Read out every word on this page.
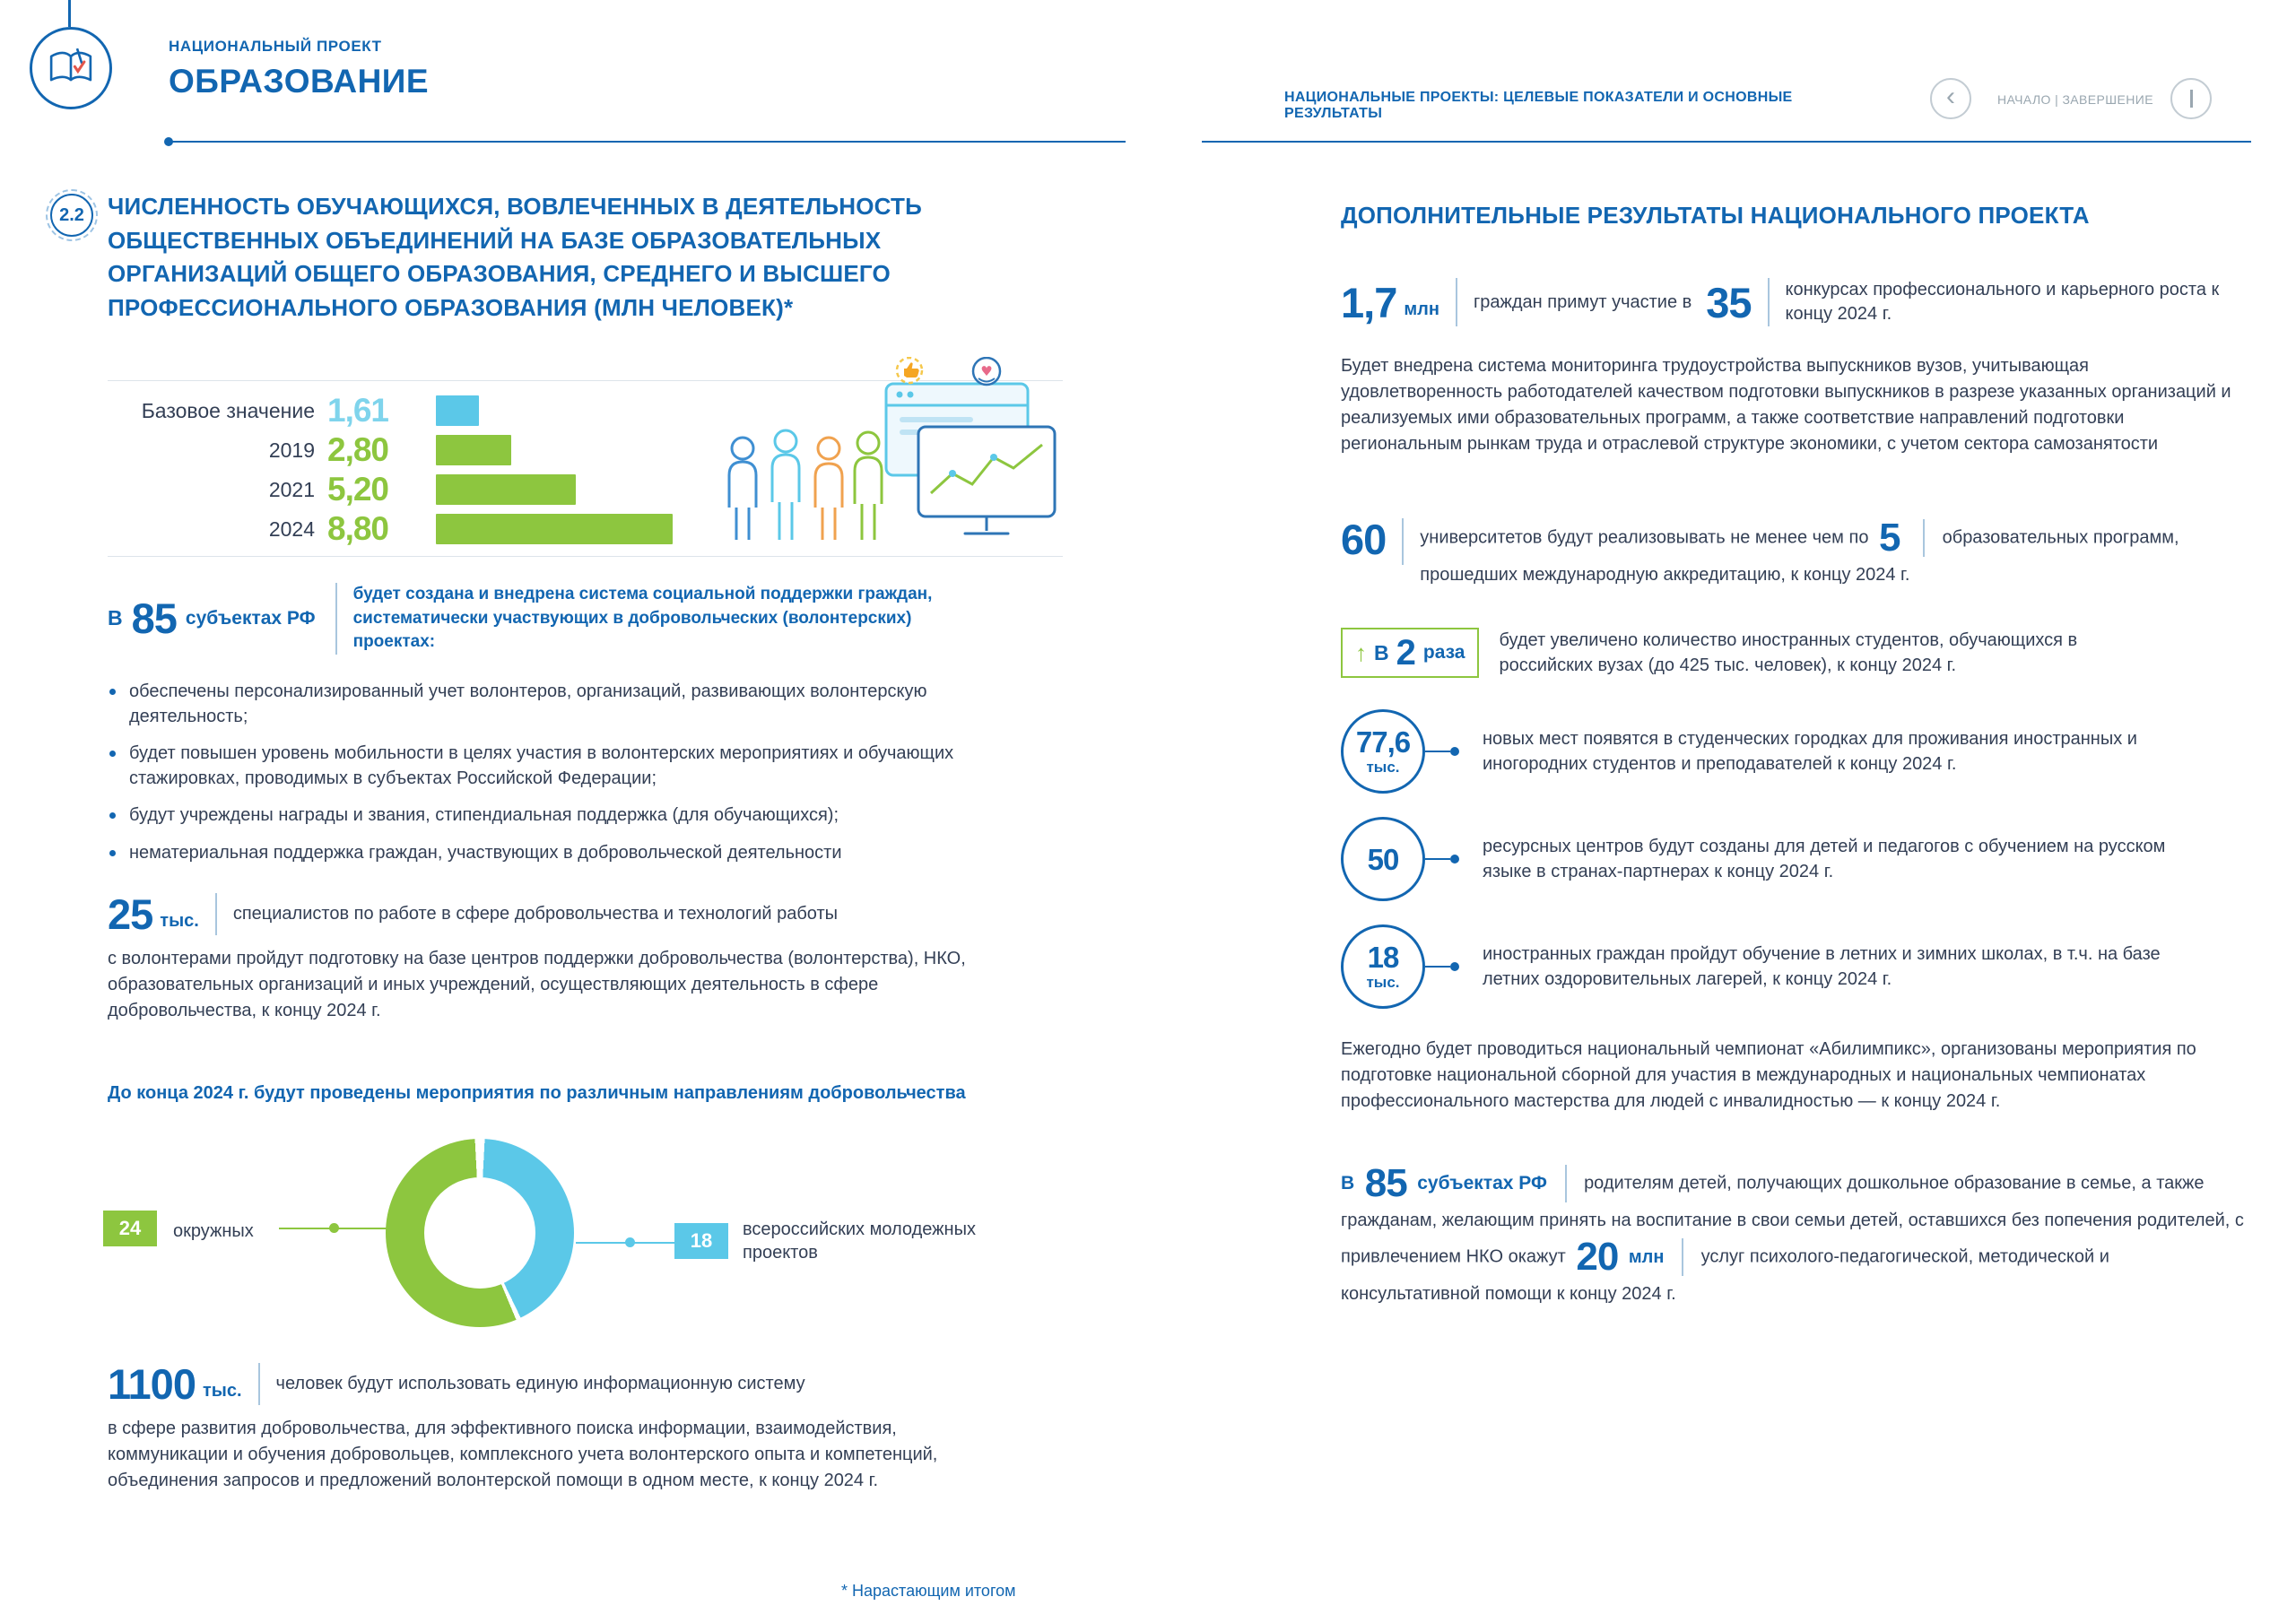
НАЦИОНАЛЬНЫЙ ПРОЕКТ
ОБРАЗОВАНИЕ	НАЦИОНАЛЬНЫЕ ПРОЕКТЫ: ЦЕЛЕВЫЕ ПОКАЗАТЕЛИ И ОСНОВНЫЕ РЕЗУЛЬТАТЫ
‹	НАЧАЛО | ЗАВЕРШЕНИЕ
2.2	ЧИСЛЕННОСТЬ ОБУЧАЮЩИХСЯ, ВОВЛЕЧЕННЫХ В ДЕЯТЕЛЬНОСТЬ ОБЩЕСТВЕННЫХ ОБЪЕДИНЕНИЙ НА БАЗЕ ОБРАЗОВАТЕЛЬНЫХ ОРГАНИЗАЦИЙ ОБЩЕГО ОБРАЗОВАНИЯ, СРЕДНЕГО И ВЫСШЕГО ПРОФЕССИОНАЛЬНОГО ОБРАЗОВАНИЯ (МЛН ЧЕЛОВЕК)*
Базовое значение 1,61
2019 2,80
2021 5,20
2024 8,80
♥
В 85 субъектах РФ
будет создана и внедрена система социальной поддержки граждан, систематически участвующих в добровольческих (волонтерских) проектах:
обеспечены персонализированный учет волонтеров, организаций, развивающих волонтерскую деятельность;
будет повышен уровень мобильности в целях участия в волонтерских мероприятиях и обучающих стажировках, проводимых в субъектах Российской Федерации;
будут учреждены награды и звания, стипендиальная поддержка (для обучающихся);
нематериальная поддержка граждан, участвующих в добровольческой деятельности
25 тыс. специалистов по работе в сфере добровольчества и технологий работы

с волонтерами пройдут подготовку на базе центров поддержки добровольчества (волонтерства), НКО, образовательных организаций и иных учреждений, осуществляющих деятельность в сфере добровольчества, к концу 2024 г.

До конца 2024 г. будут проведены мероприятия по различным направлениям добровольчества
24	окружных	18	всероссийских молодежных проектов
1100 тыс. человек будут использовать единую информационную систему

в сфере развития добровольчества, для эффективного поиска информации, взаимодействия, коммуникации и обучения добровольцев, комплексного учета волонтерского опыта и компетенций, объединения запросов и предложений волонтерской помощи в одном месте, к концу 2024 г.

* Нарастающим итогом
ДОПОЛНИТЕЛЬНЫЕ РЕЗУЛЬТАТЫ НАЦИОНАЛЬНОГО ПРОЕКТА
1,7 млн граждан примут участие в 35 конкурсах профессионального и карьерного роста к концу 2024 г.

Будет внедрена система мониторинга трудоустройства выпускников вузов, учитывающая удовлетворенность работодателей качеством подготовки выпускников в разрезе указанных организаций и реализуемых ими образовательных программ, а также соответствие направлений подготовки региональным рынкам труда и отраслевой структуре экономики, с учетом сектора самозанятости

60 университетов будут реализовывать не менее чем по 5 образовательных программ, прошедших международную аккредитацию, к концу 2024 г.

↑ В 2 раза
будет увеличено количество иностранных студентов, обучающихся в российских вузах (до 425 тыс. человек), к концу 2024 г.
77,6
тыс.
новых мест появятся в студенческих городках для проживания иностранных и иногородних студентов и преподавателей к концу 2024 г.
50	ресурсных центров будут созданы для детей и педагогов с обучением на русском языке в странах-партнерах к концу 2024 г.
18
тыс.
иностранных граждан пройдут обучение в летних и зимних школах, в т.ч. на базе летних оздоровительных лагерей, к концу 2024 г.

Ежегодно будет проводиться национальный чемпионат «Абилимпикс», организованы мероприятия по подготовке национальной сборной для участия в международных и национальных чемпионатах профессионального мастерства для людей с инвалидностью — к концу 2024 г.

В 85 субъектах РФ родителям детей, получающих дошкольное образование в семье, а также гражданам, желающим принять на воспитание в свои семьи детей, оставшихся без попечения родителей, с привлечением НКО окажут 20 млн услуг психолого-педагогической, методической и консультативной помощи к концу 2024 г.
